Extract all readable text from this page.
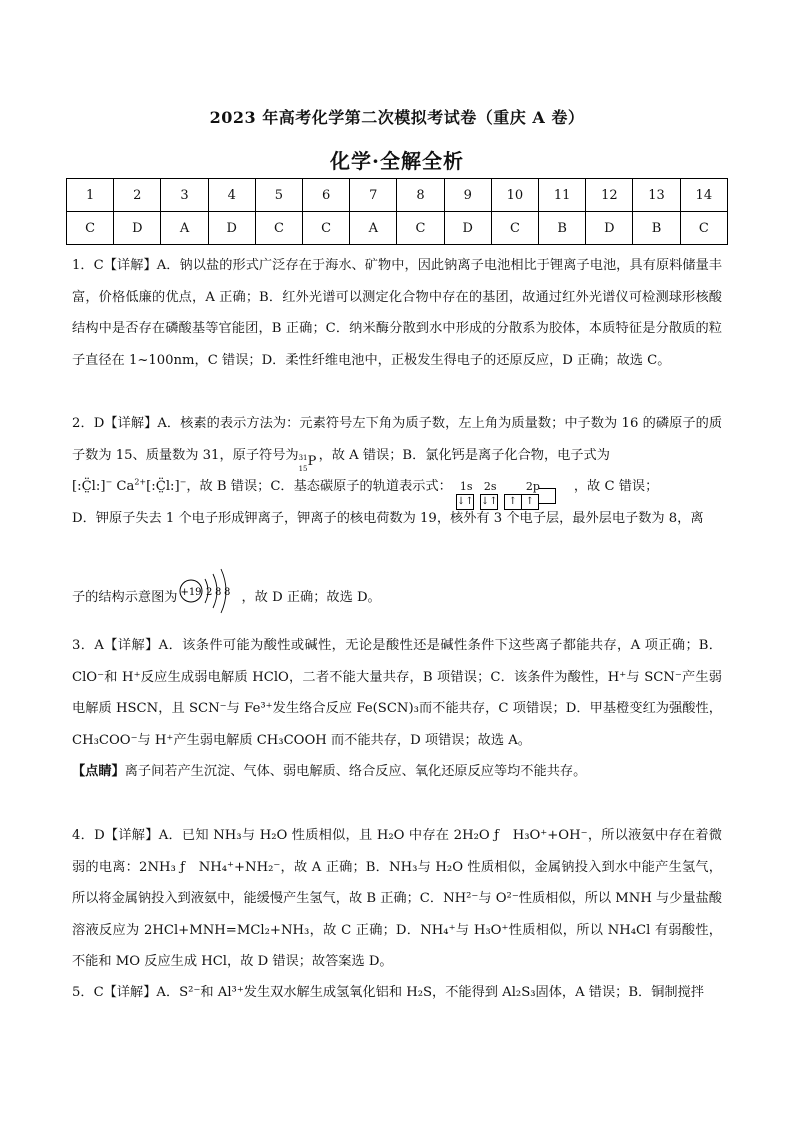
2023 年高考化学第二次模拟考试卷（重庆 A 卷）
化学·全解全析
1	2	3	4	5	6	7	8	9	10	11	12	13	14
C	D	A	D	C	C	A	C	D	C	B	D	B	C
1．C【详解】A．钠以盐的形式广泛存在于海水、矿物中，因此钠离子电池相比于锂离子电池，具有原料储量丰富，价格低廉的优点，A 正确；B．红外光谱可以测定化合物中存在的基团，故通过红外光谱仪可检测球形核酸结构中是否存在磷酸基等官能团，B 正确；C．纳米酶分散到水中形成的分散系为胶体，本质特征是分散质的粒子直径在 1~100nm，C 错误；D．柔性纤维电池中，正极发生得电子的还原反应，D 正确；故选 C。
2．D【详解】A．核素的表示方法为：元素符号左下角为质子数，左上角为质量数；中子数为 16 的磷原子的质子数为 15、质量数为 31，原子符号为 31
15 P ，故 A 错误；B．氯化钙是离子化合物，电子式为
[:C̤̈l:]− $Ca^{2+}[:C̤̈l:]^-$，故 B 错误；C．基态碳原子的轨道表示式： 1s 2s	2p
↓↑ ↓↑ ↑ ↑
，故 C 错误；
D．钾原子失去 1 个电子形成钾离子，钾离子的核电荷数为 19，核外有 3 个电子层，最外层电子数为 8，离
子的结构示意图为 +19 2 8 8 ，故 D 正确；故选 D。
3．A【详解】A．该条件可能为酸性或碱性，无论是酸性还是碱性条件下这些离子都能共存，A 项正确；B．ClO⁻和 H⁺反应生成弱电解质 HClO，二者不能大量共存，B 项错误；C．该条件为酸性，H⁺与 SCN⁻产生弱电解质 HSCN，且 SCN⁻与 Fe³⁺发生络合反应 Fe(SCN)₃而不能共存，C 项错误；D．甲基橙变红为强酸性，CH₃COO⁻与 H⁺产生弱电解质 CH₃COOH 而不能共存，D 项错误；故选 A。
【点睛】离子间若产生沉淀、气体、弱电解质、络合反应、氧化还原反应等均不能共存。
4．D【详解】A．已知 NH₃与 H₂O 性质相似，且 H₂O 中存在 2H₂O ƒ　H₃O⁺+OH⁻，所以液氨中存在着微弱的电离：2NH₃ ƒ　NH₄⁺+NH₂⁻，故 A 正确；B．NH₃与 H₂O 性质相似，金属钠投入到水中能产生氢气，所以将金属钠投入到液氨中，能缓慢产生氢气，故 B 正确；C．NH²⁻与 O²⁻性质相似，所以 MNH 与少量盐酸溶液反应为 2HCl+MNH=MCl₂+NH₃，故 C 正确；D．NH₄⁺与 H₃O⁺性质相似，所以 NH₄Cl 有弱酸性，不能和 MO 反应生成 HCl，故 D 错误；故答案选 D。
5．C【详解】A．S²⁻和 Al³⁺发生双水解生成氢氧化铝和 H₂S，不能得到 Al₂S₃固体，A 错误；B．铜制搅拌
